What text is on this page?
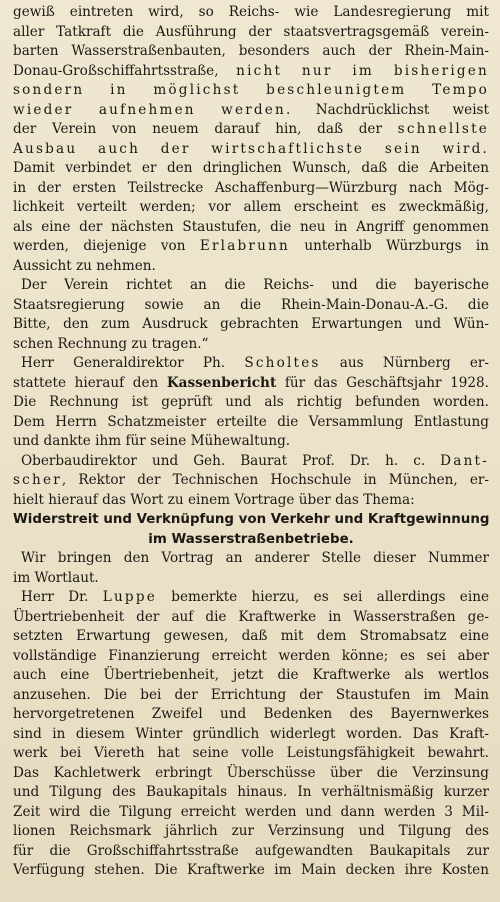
gewiß eintreten wird, so Reichs- wie Landesregierung mit
aller Tatkraft die Ausführung der staatsvertragsgemäß verein-
barten Wasserstraßenbauten, besonders auch der Rhein-Main-
Donau-Großschiffahrtsstraße, nicht nur im bisherigen
sondern in möglichst beschleunigtem Tempo
wieder aufnehmen werden. Nachdrücklichst weist
der Verein von neuem darauf hin, daß der schnellste
Ausbau auch der wirtschaftlichste sein wird.
Damit verbindet er den dringlichen Wunsch, daß die Arbeiten
in der ersten Teilstrecke Aschaffenburg—Würzburg nach Mög-
lichkeit verteilt werden; vor allem erscheint es zweckmäßig,
als eine der nächsten Staustufen, die neu in Angriff genommen
werden, diejenige von Erlabrunn unterhalb Würzburgs in
Aussicht zu nehmen.
Der Verein richtet an die Reichs- und die bayerische
Staatsregierung sowie an die Rhein-Main-Donau-A.-G. die
Bitte, den zum Ausdruck gebrachten Erwartungen und Wün-
schen Rechnung zu tragen.“
Herr Generaldirektor Ph. Scholtes aus Nürnberg er-
stattete hierauf den Kassenbericht für das Geschäftsjahr 1928.
Die Rechnung ist geprüft und als richtig befunden worden.
Dem Herrn Schatzmeister erteilte die Versammlung Entlastung
und dankte ihm für seine Mühewaltung.
Oberbaudirektor und Geh. Baurat Prof. Dr. h. c. Dant-
scher, Rektor der Technischen Hochschule in München, er-
hielt hierauf das Wort zu einem Vortrage über das Thema:
Widerstreit und Verknüpfung von Verkehr und Kraftgewinnung
im Wasserstraßenbetriebe.
Wir bringen den Vortrag an anderer Stelle dieser Nummer
im Wortlaut.
Herr Dr. Luppe bemerkte hierzu, es sei allerdings eine
Übertriebenheit der auf die Kraftwerke in Wasserstraßen ge-
setzten Erwartung gewesen, daß mit dem Stromabsatz eine
vollständige Finanzierung erreicht werden könne; es sei aber
auch eine Übertriebenheit, jetzt die Kraftwerke als wertlos
anzusehen. Die bei der Errichtung der Staustufen im Main
hervorgetretenen Zweifel und Bedenken des Bayernwerkes
sind in diesem Winter gründlich widerlegt worden. Das Kraft-
werk bei Viereth hat seine volle Leistungsfähigkeit bewahrt.
Das Kachletwerk erbringt Überschüsse über die Verzinsung
und Tilgung des Baukapitals hinaus. In verhältnismäßig kurzer
Zeit wird die Tilgung erreicht werden und dann werden 3 Mil-
lionen Reichsmark jährlich zur Verzinsung und Tilgung des
für die Großschiffahrtsstraße aufgewandten Baukapitals zur
Verfügung stehen. Die Kraftwerke im Main decken ihre Kosten
